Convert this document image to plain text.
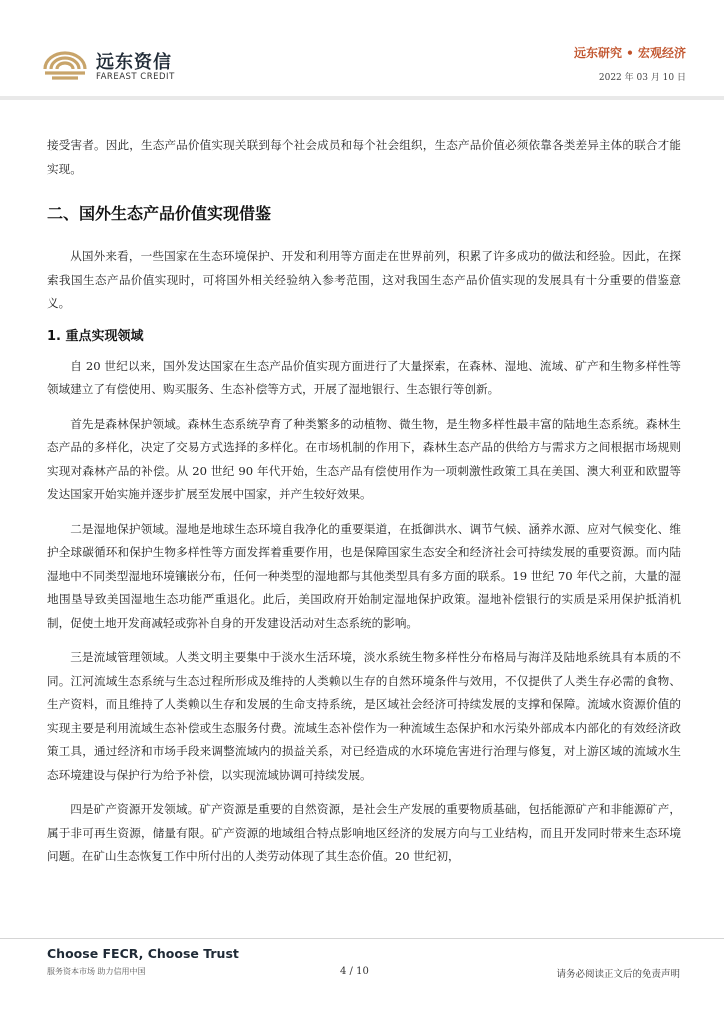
远东资信
FAREAST CREDIT
远东研究 • 宏观经济
2022 年 03 月 10 日

接受害者。因此，生态产品价值实现关联到每个社会成员和每个社会组织，生态产品价值必须依靠各类差异主体的联合才能实现。

二、国外生态产品价值实现借鉴

从国外来看，一些国家在生态环境保护、开发和利用等方面走在世界前列，积累了许多成功的做法和经验。因此，在探索我国生态产品价值实现时，可将国外相关经验纳入参考范围，这对我国生态产品价值实现的发展具有十分重要的借鉴意义。

1. 重点实现领域

自 20 世纪以来，国外发达国家在生态产品价值实现方面进行了大量探索，在森林、湿地、流域、矿产和生物多样性等领域建立了有偿使用、购买服务、生态补偿等方式，开展了湿地银行、生态银行等创新。

首先是森林保护领域。森林生态系统孕育了种类繁多的动植物、微生物，是生物多样性最丰富的陆地生态系统。森林生态产品的多样化，决定了交易方式选择的多样化。在市场机制的作用下，森林生态产品的供给方与需求方之间根据市场规则实现对森林产品的补偿。从 20 世纪 90 年代开始，生态产品有偿使用作为一项刺激性政策工具在美国、澳大利亚和欧盟等发达国家开始实施并逐步扩展至发展中国家，并产生较好效果。

二是湿地保护领域。湿地是地球生态环境自我净化的重要渠道，在抵御洪水、调节气候、涵养水源、应对气候变化、维护全球碳循环和保护生物多样性等方面发挥着重要作用，也是保障国家生态安全和经济社会可持续发展的重要资源。而内陆湿地中不同类型湿地环境镶嵌分布，任何一种类型的湿地都与其他类型具有多方面的联系。19 世纪 70 年代之前，大量的湿地围垦导致美国湿地生态功能严重退化。此后，美国政府开始制定湿地保护政策。湿地补偿银行的实质是采用保护抵消机制，促使土地开发商减轻或弥补自身的开发建设活动对生态系统的影响。

三是流域管理领域。人类文明主要集中于淡水生活环境，淡水系统生物多样性分布格局与海洋及陆地系统具有本质的不同。江河流域生态系统与生态过程所形成及维持的人类赖以生存的自然环境条件与效用，不仅提供了人类生存必需的食物、生产资料，而且维持了人类赖以生存和发展的生命支持系统，是区域社会经济可持续发展的支撑和保障。流域水资源价值的实现主要是利用流域生态补偿或生态服务付费。流域生态补偿作为一种流域生态保护和水污染外部成本内部化的有效经济政策工具，通过经济和市场手段来调整流域内的损益关系，对已经造成的水环境危害进行治理与修复，对上游区域的流域水生态环境建设与保护行为给予补偿，以实现流域协调可持续发展。

四是矿产资源开发领域。矿产资源是重要的自然资源，是社会生产发展的重要物质基础，包括能源矿产和非能源矿产，属于非可再生资源，储量有限。矿产资源的地域组合特点影响地区经济的发展方向与工业结构，而且开发同时带来生态环境问题。在矿山生态恢复工作中所付出的人类劳动体现了其生态价值。20 世纪初，

Choose FECR, Choose Trust
服务资本市场 助力信用中国	4 / 10	请务必阅读正文后的免责声明
